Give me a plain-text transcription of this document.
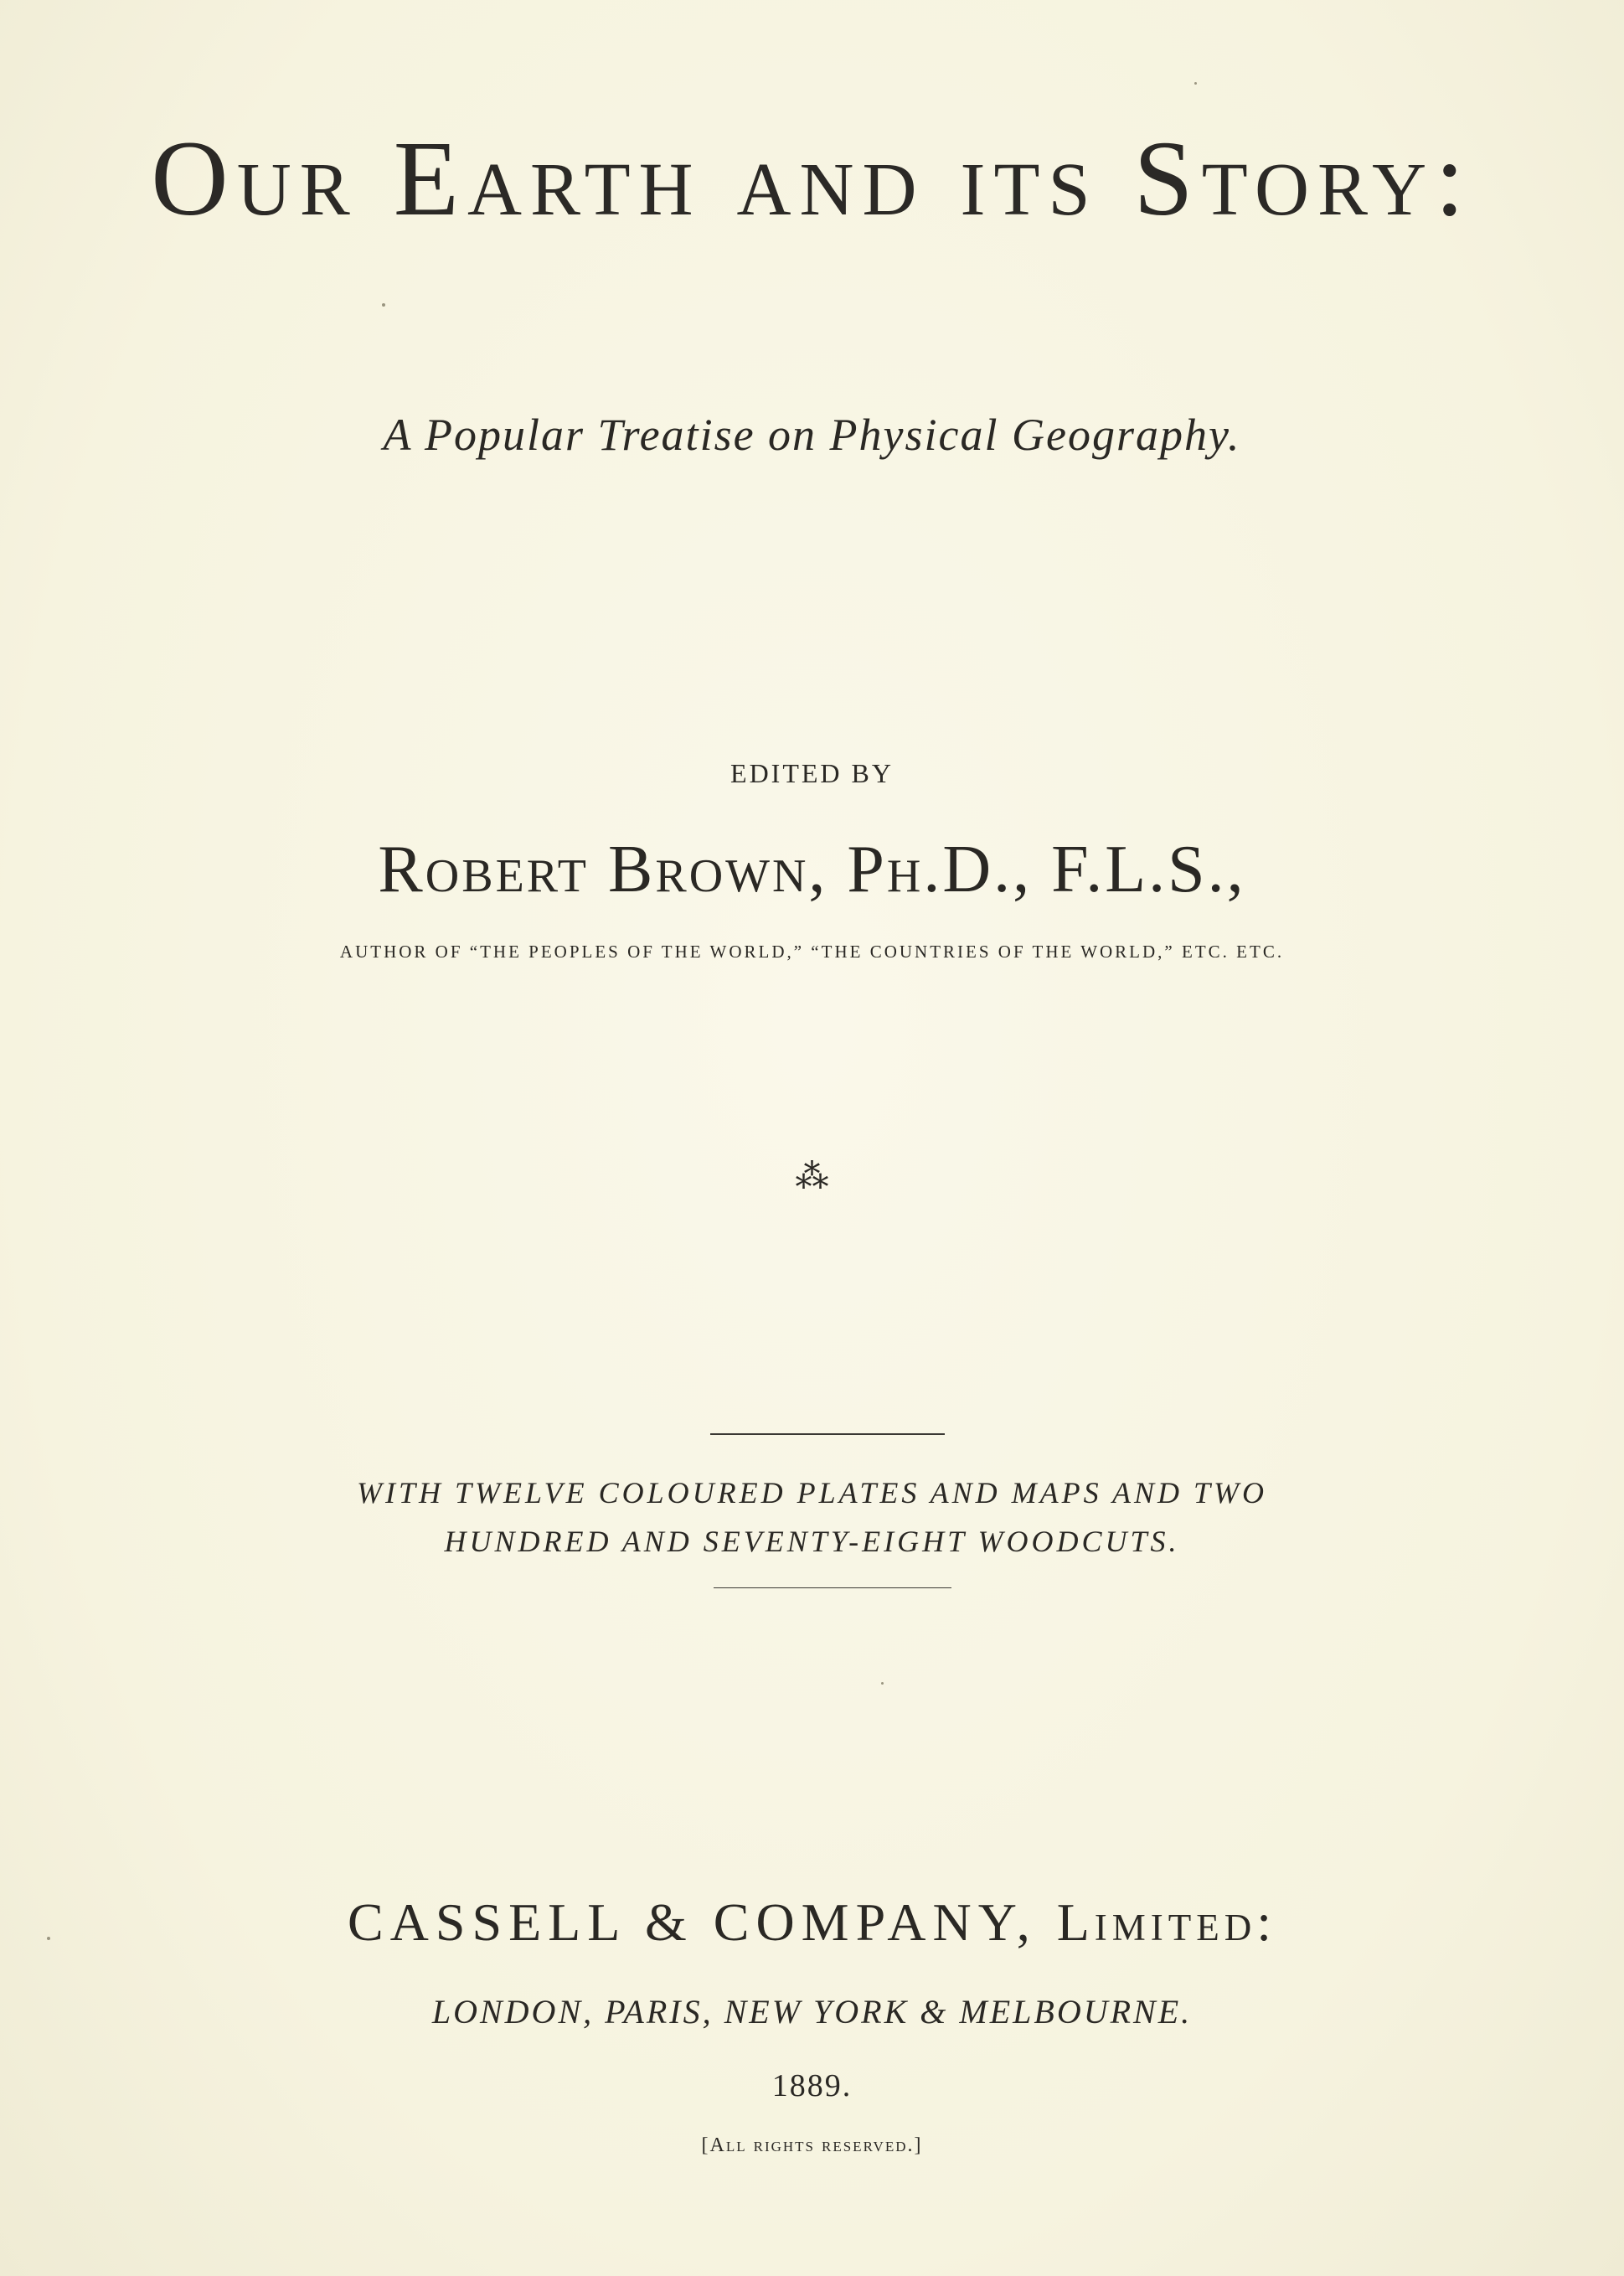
Our Earth and its Story:
A Popular Treatise on Physical Geography.
EDITED BY
Robert Brown, Ph.D., F.L.S.,
AUTHOR OF “THE PEOPLES OF THE WORLD,” “THE COUNTRIES OF THE WORLD,” ETC. ETC.
⁂
WITH TWELVE COLOURED PLATES AND MAPS AND TWO
HUNDRED AND SEVENTY-EIGHT WOODCUTS.
CASSELL & COMPANY, Limited:
LONDON, PARIS, NEW YORK & MELBOURNE.
1889.
[All rights reserved.]
